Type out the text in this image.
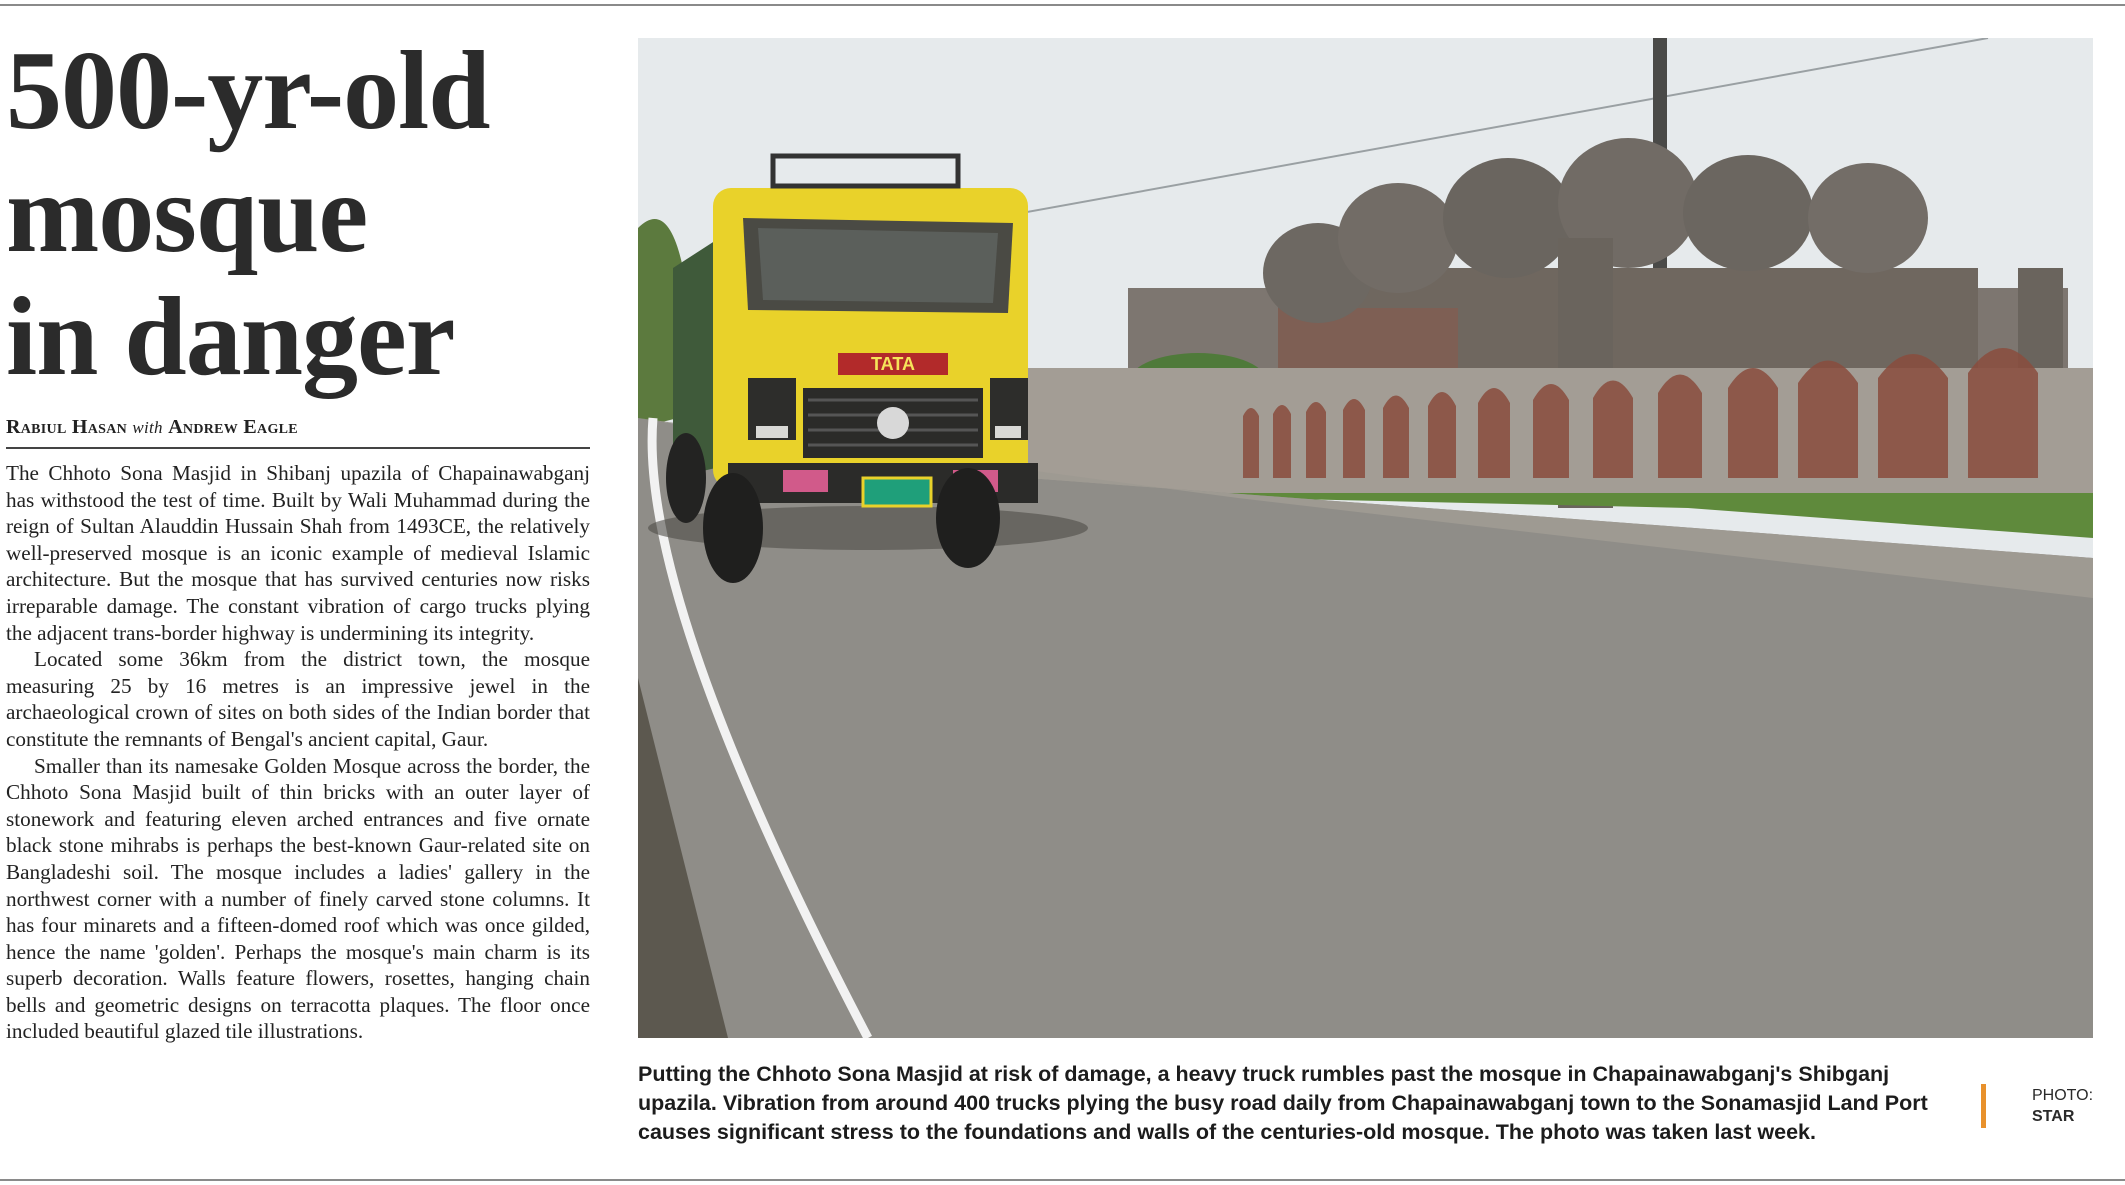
500-yr-old
mosque
in danger
Rabiul Hasan with Andrew Eagle

The Chhoto Sona Masjid in Shibanj upazila of Chapainawabganj has withstood the test of time. Built by Wali Muhammad during the reign of Sultan Alauddin Hussain Shah from 1493CE, the relatively well-preserved mosque is an iconic example of medieval Islamic architecture. But the mosque that has survived centuries now risks irreparable damage. The constant vibration of cargo trucks plying the adjacent trans-border highway is undermining its integrity.

Located some 36km from the district town, the mosque measuring 25 by 16 metres is an impressive jewel in the archaeological crown of sites on both sides of the Indian border that constitute the remnants of Bengal's ancient capital, Gaur.

Smaller than its namesake Golden Mosque across the border, the Chhoto Sona Masjid built of thin bricks with an outer layer of stonework and featuring eleven arched entrances and five ornate black stone mihrabs is perhaps the best-known Gaur-related site on Bangladeshi soil. The mosque includes a ladies' gallery in the northwest corner with a number of finely carved stone columns. It has four minarets and a fifteen-domed roof which was once gilded, hence the name 'golden'. Perhaps the mosque's main charm is its superb decoration. Walls feature flowers, rosettes, hanging chain bells and geometric designs on terracotta plaques. The floor once included beautiful glazed tile illustrations.

TATA
Putting the Chhoto Sona Masjid at risk of damage, a heavy truck rumbles past the mosque in Chapainawabganj's Shibganj upazila. Vibration from around 400 trucks plying the busy road daily from Chapainawabganj town to the Sonamasjid Land Port causes significant stress to the foundations and walls of the centuries-old mosque. The photo was taken last week.
PHOTO:
STAR
